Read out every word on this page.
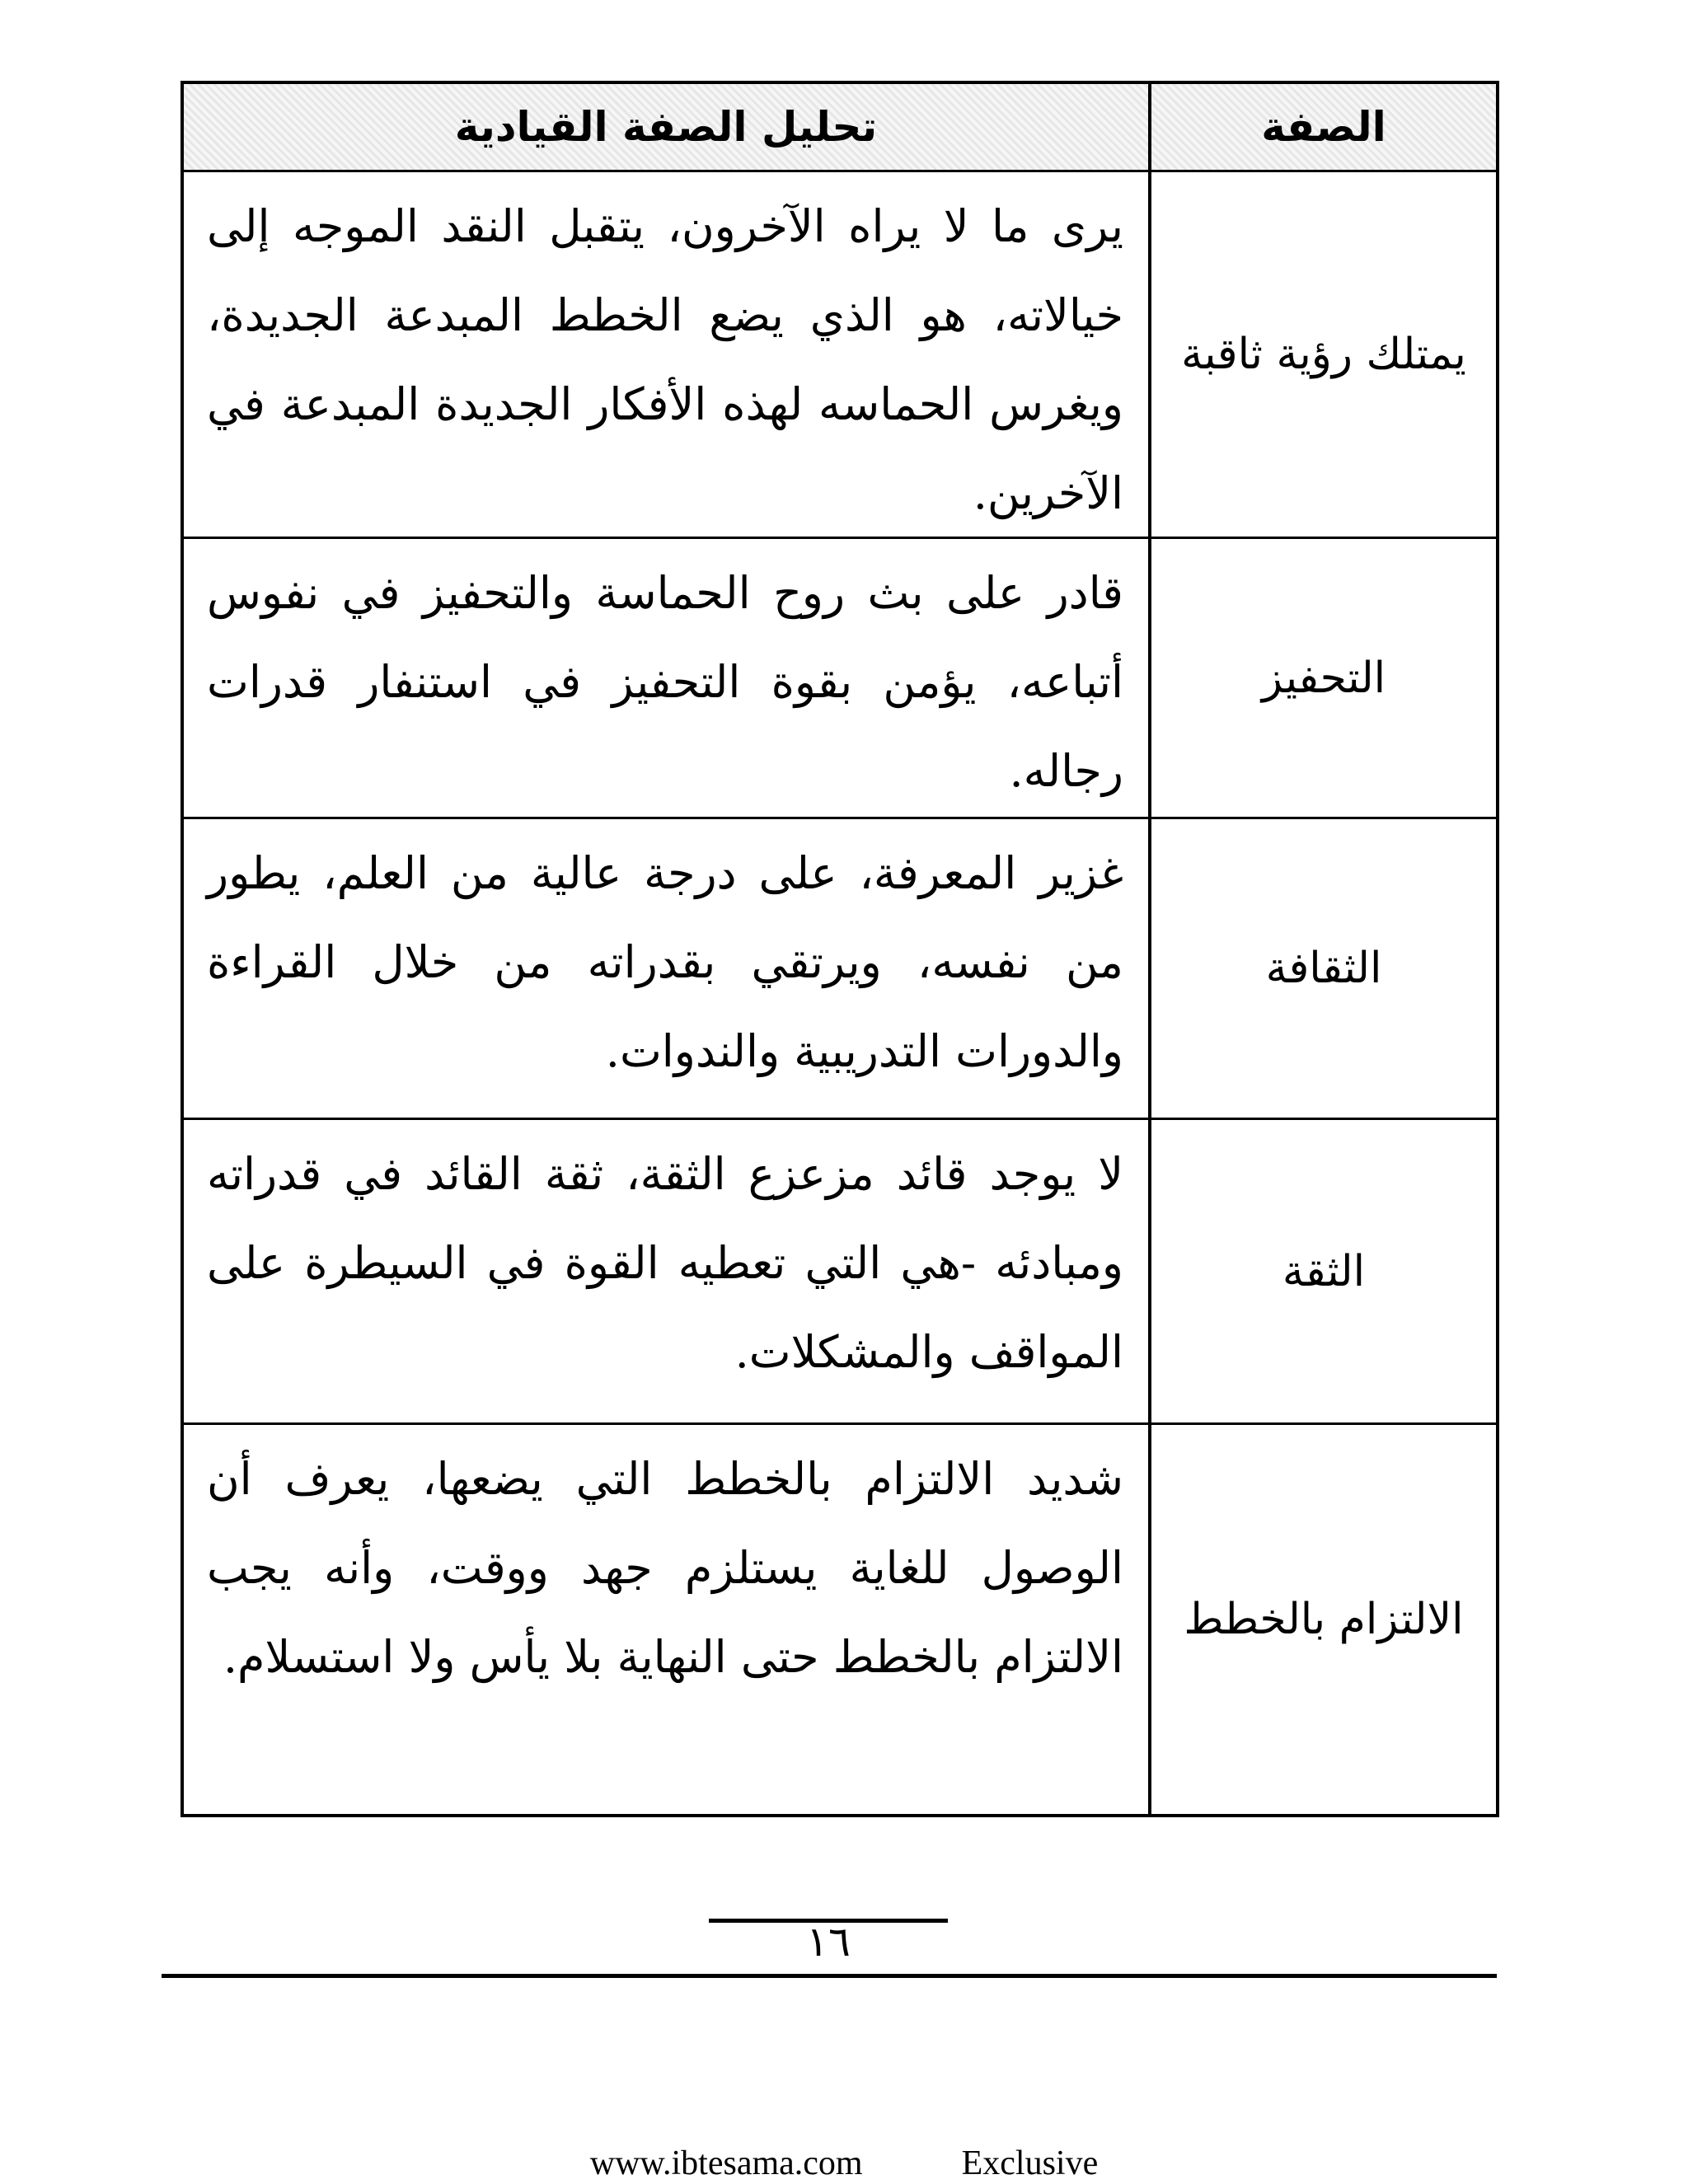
الصفة
تحليل الصفة القيادية
يمتلك رؤية ثاقبة
يرى ما لا يراه الآخرون، يتقبل النقد الموجه إلى خيالاته، هو الذي يضع الخطط المبدعة الجديدة، ويغرس الحماسه لهذه الأفكار الجديدة المبدعة في الآخرين.
التحفيز
قادر على بث روح الحماسة والتحفيز في نفوس أتباعه، يؤمن بقوة التحفيز في استنفار قدرات رجاله.
الثقافة
غزير المعرفة، على درجة عالية من العلم، يطور من نفسه، ويرتقي بقدراته من خلال القراءة والدورات التدريبية والندوات.
الثقة
لا يوجد قائد مزعزع الثقة، ثقة القائد في قدراته ومبادئه -هي التي تعطيه القوة في السيطرة على المواقف والمشكلات.
الالتزام بالخطط
شديد الالتزام بالخطط التي يضعها، يعرف أن الوصول للغاية يستلزم جهد ووقت، وأنه يجب الالتزام بالخطط حتى النهاية بلا يأس ولا استسلام.
١٦
www.ibtesama.com	Exclusive
